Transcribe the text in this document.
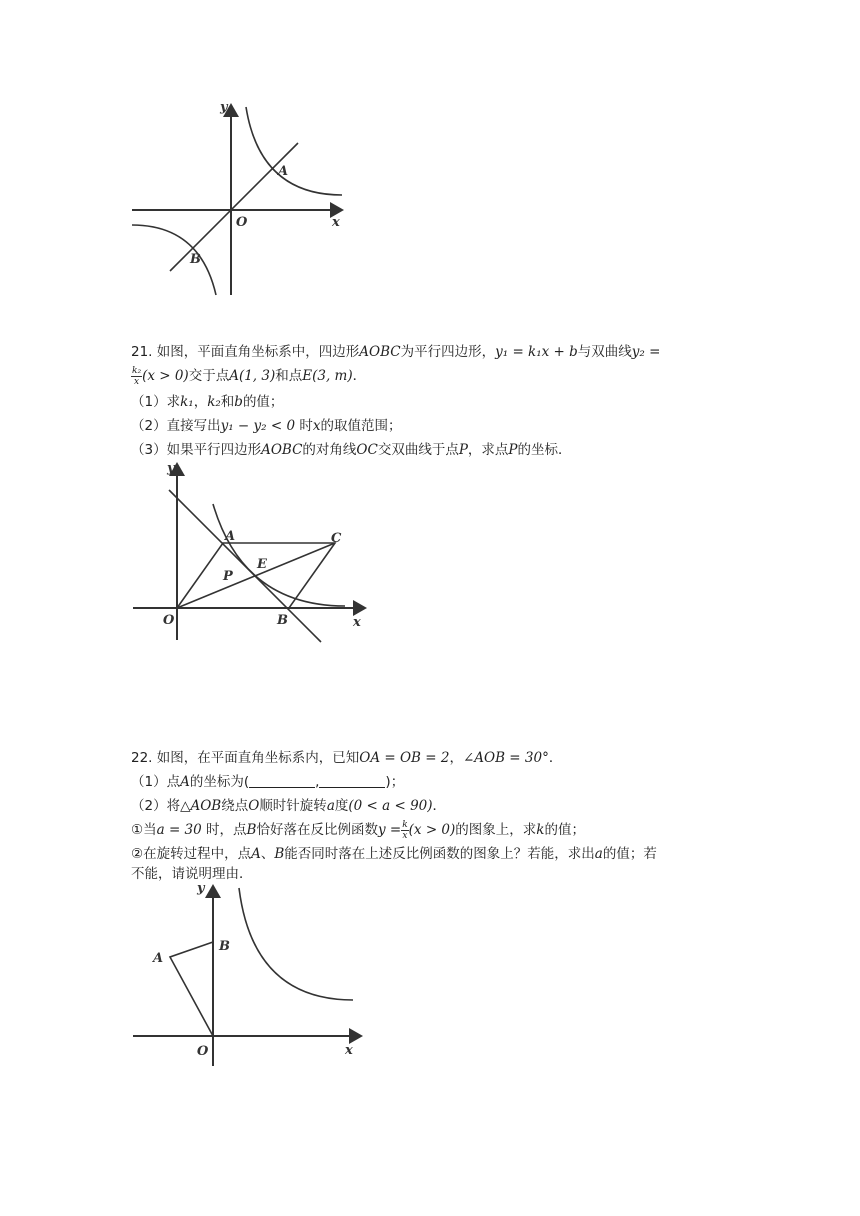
y
x
O
A
B
21. 如图，平面直角坐标系中，四边形AOBC为平行四边形，y₁ = k₁x + b与双曲线y₂ =
$\frac{\text{k₂}}{x} (x > 0)$交于点A(1, 3)和点E(3, m)．
（1）求k₁，k₂和b的值；
（2）直接写出y₁ − y₂ < 0 时x的取值范围；
（3）如果平行四边形AOBC的对角线OC交双曲线于点P，求点P的坐标．
y
x
O
A
B
C
E
P
22. 如图，在平面直角坐标系内，已知OA = OB = 2，∠AOB = 30°．
（1）点A的坐标为(	,	)；
（2）将△AOB绕点O顺时针旋转a度(0 < a < 90)．
①当a = 30 时，点B恰好落在反比例函数$y = \frac{k}{x} (x > 0)$的图象上，求k的值；
②在旋转过程中，点A、B能否同时落在上述反比例函数的图象上？若能，求出a的值；若
不能，请说明理由．
y
x
O
A
B
